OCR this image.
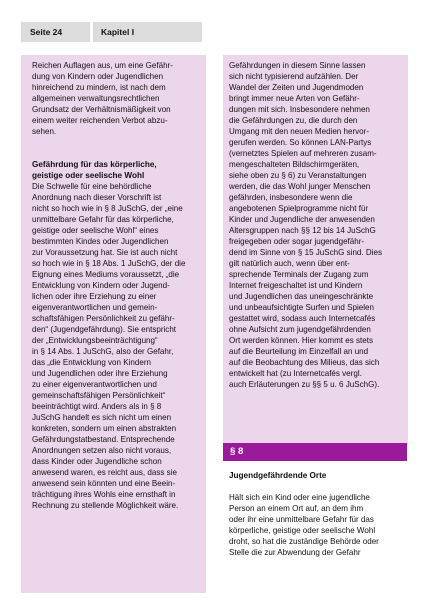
Seite 24	Kapitel I
Reichen Auflagen aus, um eine Gefähr-
dung von Kindern oder Jugendlichen
hinreichend zu mindern, ist nach dem
allgemeinen verwaltungsrechtlichen
Grundsatz der Verhältnismäßigkeit von
einem weiter reichenden Verbot abzu-
sehen.
Gefährdung für das körperliche,
geistige oder seelische Wohl
Die Schwelle für eine behördliche
Anordnung nach dieser Vorschrift ist
nicht so hoch wie in § 8 JuSchG, der „eine
unmittelbare Gefahr für das körperliche,
geistige oder seelische Wohl“ eines
bestimmten Kindes oder Jugendlichen
zur Voraussetzung hat. Sie ist auch nicht
so hoch wie in § 18 Abs. 1 JuSchG, der die
Eignung eines Mediums voraussetzt, „die
Entwicklung von Kindern oder Jugend-
lichen oder ihre Erziehung zu einer
eigenverantwortlichen und gemein-
schaftsfähigen Persönlichkeit zu gefähr-
den“ (Jugendgefährdung). Sie entspricht
der „Entwicklungsbeeinträchtigung“
in § 14 Abs. 1 JuSchG, also der Gefahr,
das „die Entwicklung von Kindern
und Jugendlichen oder ihre Erziehung
zu einer eigenverantwortlichen und
gemeinschaftsfähigen Persönlichkeit“
beeinträchtigt wird. Anders als in § 8
JuSchG handelt es sich nicht um einen
konkreten, sondern um einen abstrakten
Gefährdungstatbestand. Entsprechende
Anordnungen setzen also nicht voraus,
dass Kinder oder Jugendliche schon
anwesend waren, es reicht aus, dass sie
anwesend sein könnten und eine Beein-
trächtigung ihres Wohls eine ernsthaft in
Rechnung zu stellende Möglichkeit wäre.
Gefährdungen in diesem Sinne lassen
sich nicht typisierend aufzählen. Der
Wandel der Zeiten und Jugendmoden
bringt immer neue Arten von Gefähr-
dungen mit sich. Insbesondere nehmen
die Gefährdungen zu, die durch den
Umgang mit den neuen Medien hervor-
gerufen werden. So können LAN-Partys
(vernetztes Spielen auf mehreren zusam-
mengeschalteten Bildschirmgeräten,
siehe oben zu § 6) zu Veranstaltungen
werden, die das Wohl junger Menschen
gefährden, insbesondere wenn die
angebotenen Spielprogramme nicht für
Kinder und Jugendliche der anwesenden
Altersgruppen nach §§ 12 bis 14 JuSchG
freigegeben oder sogar jugendgefähr-
dend im Sinne von § 15 JuSchG sind. Dies
gilt natürlich auch, wenn über ent-
sprechende Terminals der Zugang zum
Internet freigeschaltet ist und Kindern
und Jugendlichen das uneingeschränkte
und unbeaufsichtigte Surfen und Spielen
gestattet wird, sodass auch Internetcafés
ohne Aufsicht zum jugendgefährdenden
Ort werden können. Hier kommt es stets
auf die Beurteilung im Einzelfall an und
auf die Beobachtung des Milieus, das sich
entwickelt hat (zu Internetcafés vergl.
auch Erläuterungen zu §§ 5 u. 6 JuSchG).
§ 8
Jugendgefährdende Orte
Hält sich ein Kind oder eine jugendliche
Person an einem Ort auf, an dem ihm
oder ihr eine unmittelbare Gefahr für das
körperliche, geistige oder seelische Wohl
droht, so hat die zuständige Behörde oder
Stelle die zur Abwendung der Gefahr
